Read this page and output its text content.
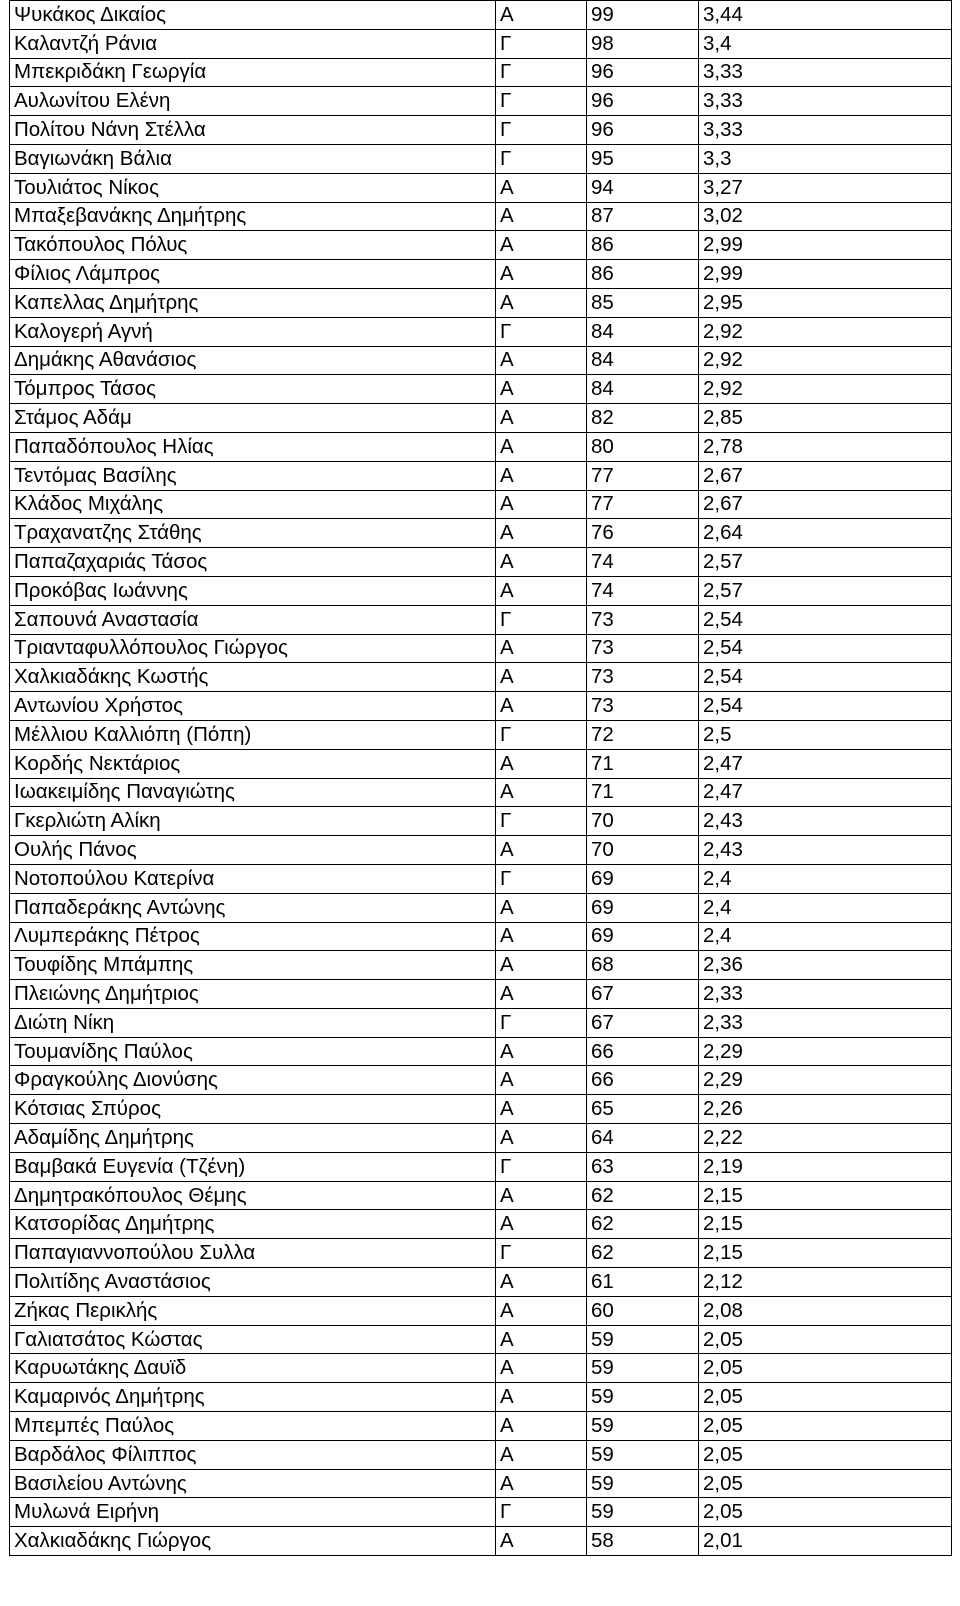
Ψυκάκος Δικαίος	Α	99	3,44
Καλαντζή Ράνια	Γ	98	3,4
Μπεκριδάκη Γεωργία	Γ	96	3,33
Αυλωνίτου Ελένη	Γ	96	3,33
Πολίτου Νάνη Στέλλα	Γ	96	3,33
Βαγιωνάκη Βάλια	Γ	95	3,3
Τουλιάτος Νίκος	Α	94	3,27
Μπαξεβανάκης Δημήτρης	Α	87	3,02
Τακόπουλος Πόλυς	Α	86	2,99
Φίλιος Λάμπρος	Α	86	2,99
Καπελλας Δημήτρης	Α	85	2,95
Καλογερή Αγνή	Γ	84	2,92
Δημάκης Αθανάσιος	Α	84	2,92
Τόμπρος Τάσος	Α	84	2,92
Στάμος Αδάμ	Α	82	2,85
Παπαδόπουλος Ηλίας	Α	80	2,78
Τεντόμας Βασίλης	Α	77	2,67
Κλάδος Μιχάλης	Α	77	2,67
Τραχανατζης Στάθης	Α	76	2,64
Παπαζαχαριάς Τάσος	Α	74	2,57
Προκόβας Ιωάννης	Α	74	2,57
Σαπουνά Αναστασία	Γ	73	2,54
Τριανταφυλλόπουλος Γιώργος	Α	73	2,54
Χαλκιαδάκης Κωστής	Α	73	2,54
Αντωνίου Χρήστος	Α	73	2,54
Μέλλιου Καλλιόπη (Πόπη)	Γ	72	2,5
Κορδής Νεκτάριος	Α	71	2,47
Ιωακειμίδης Παναγιώτης	Α	71	2,47
Γκερλιώτη Αλίκη	Γ	70	2,43
Ουλής Πάνος	Α	70	2,43
Νοτοπούλου Κατερίνα	Γ	69	2,4
Παπαδεράκης Αντώνης	Α	69	2,4
Λυμπεράκης Πέτρος	Α	69	2,4
Τουφίδης Μπάμπης	Α	68	2,36
Πλειώνης Δημήτριος	Α	67	2,33
Διώτη Νίκη	Γ	67	2,33
Τουμανίδης Παύλος	Α	66	2,29
Φραγκούλης Διονύσης	Α	66	2,29
Κότσιας Σπύρος	Α	65	2,26
Αδαμίδης Δημήτρης	Α	64	2,22
Βαμβακά Ευγενία (Τζένη)	Γ	63	2,19
Δημητρακόπουλος Θέμης	Α	62	2,15
Κατσορίδας Δημήτρης	Α	62	2,15
Παπαγιαννοπούλου Συλλα	Γ	62	2,15
Πολιτίδης Αναστάσιος	Α	61	2,12
Ζήκας Περικλής	Α	60	2,08
Γαλιατσάτος Κώστας	Α	59	2,05
Καρυωτάκης Δαυϊδ	Α	59	2,05
Καμαρινός Δημήτρης	Α	59	2,05
Μπεμπές Παύλος	Α	59	2,05
Βαρδάλος Φίλιππος	Α	59	2,05
Βασιλείου Αντώνης	Α	59	2,05
Μυλωνά Ειρήνη	Γ	59	2,05
Χαλκιαδάκης Γιώργος	Α	58	2,01
